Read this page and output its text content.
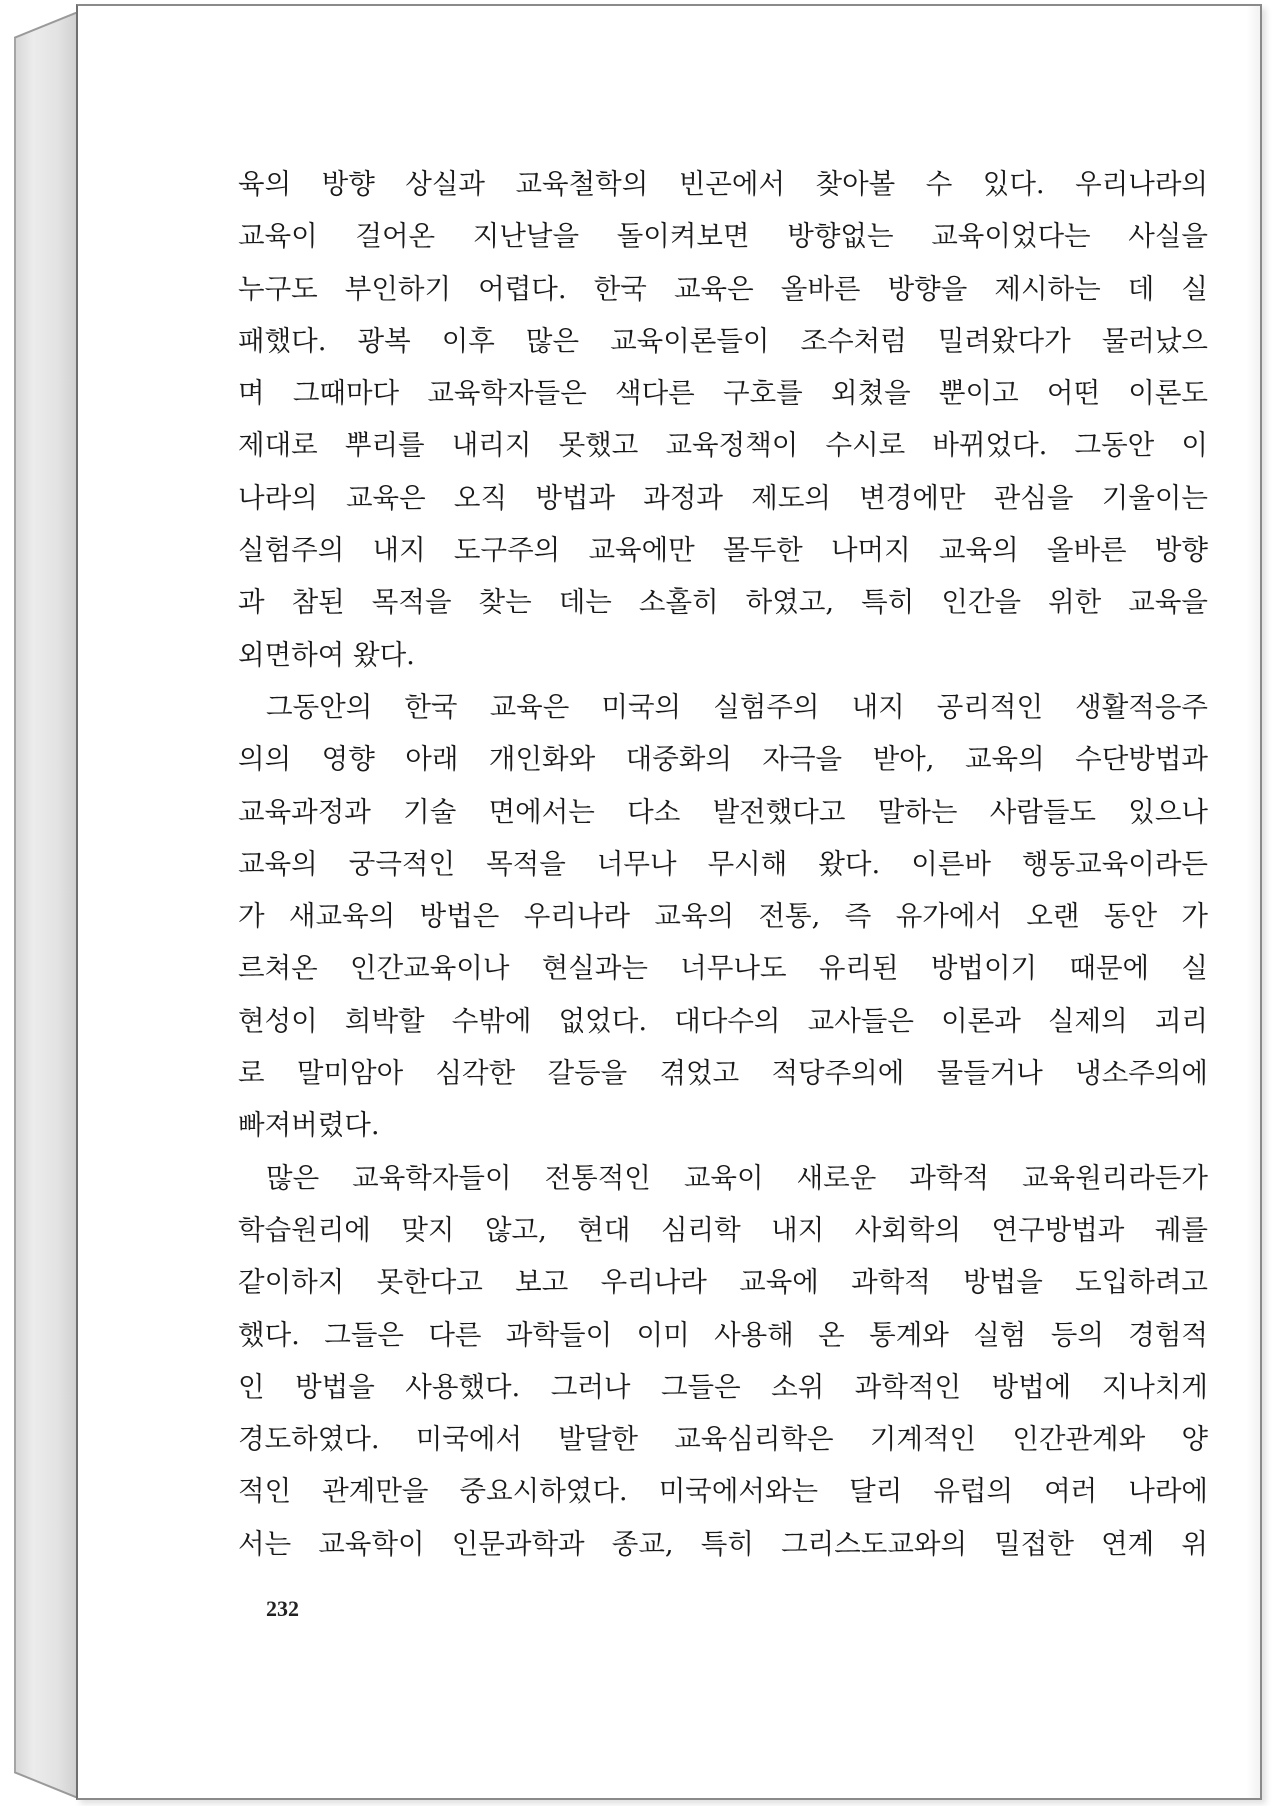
육의 방향 상실과 교육철학의 빈곤에서 찾아볼 수 있다. 우리나라의
교육이 걸어온 지난날을 돌이켜보면 방향없는 교육이었다는 사실을
누구도 부인하기 어렵다. 한국 교육은 올바른 방향을 제시하는 데 실
패했다. 광복 이후 많은 교육이론들이 조수처럼 밀려왔다가 물러났으
며 그때마다 교육학자들은 색다른 구호를 외쳤을 뿐이고 어떤 이론도
제대로 뿌리를 내리지 못했고 교육정책이 수시로 바뀌었다. 그동안 이
나라의 교육은 오직 방법과 과정과 제도의 변경에만 관심을 기울이는
실험주의 내지 도구주의 교육에만 몰두한 나머지 교육의 올바른 방향
과 참된 목적을 찾는 데는 소홀히 하였고, 특히 인간을 위한 교육을
외면하여 왔다.
그동안의 한국 교육은 미국의 실험주의 내지 공리적인 생활적응주
의의 영향 아래 개인화와 대중화의 자극을 받아, 교육의 수단방법과
교육과정과 기술 면에서는 다소 발전했다고 말하는 사람들도 있으나
교육의 궁극적인 목적을 너무나 무시해 왔다. 이른바 행동교육이라든
가 새교육의 방법은 우리나라 교육의 전통, 즉 유가에서 오랜 동안 가
르쳐온 인간교육이나 현실과는 너무나도 유리된 방법이기 때문에 실
현성이 희박할 수밖에 없었다. 대다수의 교사들은 이론과 실제의 괴리
로 말미암아 심각한 갈등을 겪었고 적당주의에 물들거나 냉소주의에
빠져버렸다.
많은 교육학자들이 전통적인 교육이 새로운 과학적 교육원리라든가
학습원리에 맞지 않고, 현대 심리학 내지 사회학의 연구방법과 궤를
같이하지 못한다고 보고 우리나라 교육에 과학적 방법을 도입하려고
했다. 그들은 다른 과학들이 이미 사용해 온 통계와 실험 등의 경험적
인 방법을 사용했다. 그러나 그들은 소위 과학적인 방법에 지나치게
경도하였다. 미국에서 발달한 교육심리학은 기계적인 인간관계와 양
적인 관계만을 중요시하였다. 미국에서와는 달리 유럽의 여러 나라에
서는 교육학이 인문과학과 종교, 특히 그리스도교와의 밀접한 연계 위
232
